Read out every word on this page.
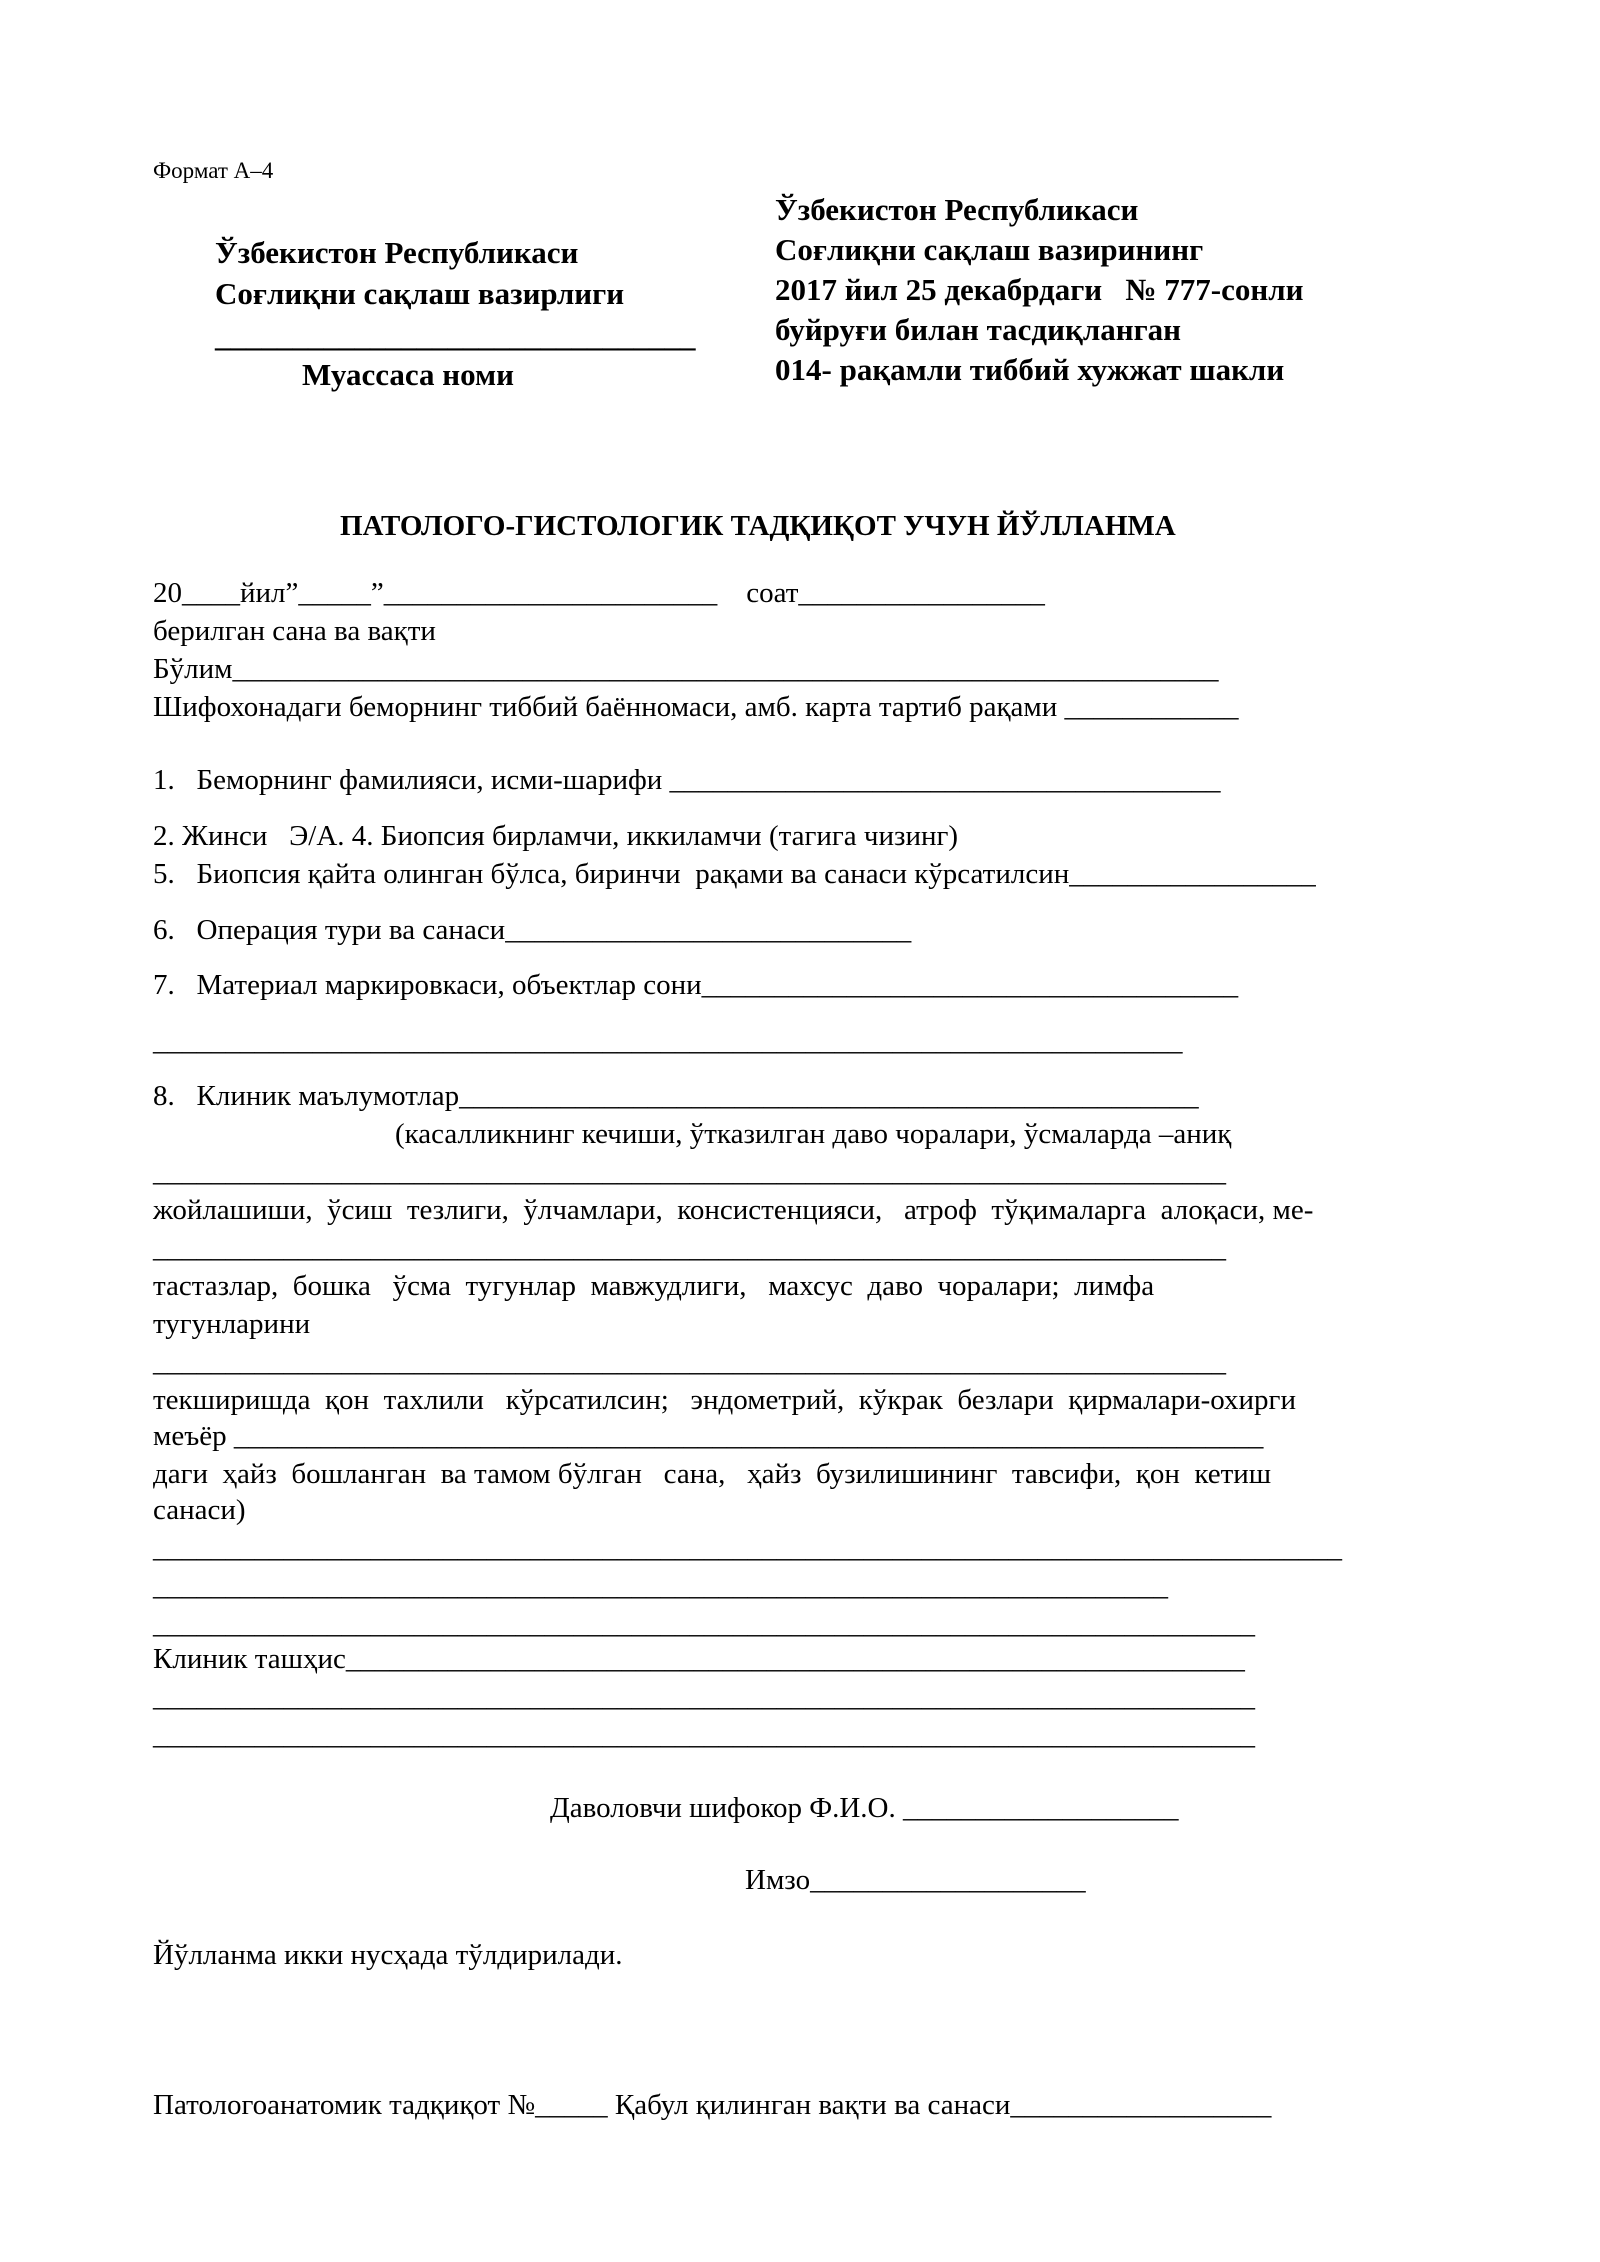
Формат А–4
Ўзбекистон Республикаси
Соғлиқни сақлаш вазирлиги
_______________________________
Муассаса номи
Ўзбекистон Республикаси
Соғлиқни сақлаш вазирининг
2017 йил 25 декабрдаги   № 777-сонли
буйруғи билан тасдиқланган
014- рақамли тиббий хужжат шакли
ПАТОЛОГО-ГИСТОЛОГИК ТАДҚИҚОТ УЧУН ЙЎЛЛАНМА
20____йил”_____”_______________________    соат_________________
берилган сана ва вақти
Бўлим____________________________________________________________________
Шифохонадаги беморнинг тиббий баённомаси, амб. карта тартиб рақами ____________
1.   Беморнинг фамилияси, исми-шарифи ______________________________________
2. Жинси   Э/А. 4. Биопсия бирламчи, иккиламчи (тагига чизинг)
5.   Биопсия қайта олинган бўлса, биринчи  рақами ва санаси кўрсатилсин_________________
6.   Операция тури ва санаси____________________________
7.   Материал маркировкаси, объектлар сони_____________________________________
_______________________________________________________________________
8.   Клиник маълумотлар___________________________________________________
(касалликнинг кечиши, ўтказилган даво чоралари, ўсмаларда –аниқ
__________________________________________________________________________
жойлашиши,  ўсиш  тезлиги,  ўлчамлари,  консистенцияси,   атроф  тўқималарга  алоқаси, ме-
__________________________________________________________________________
тастазлар,  бошка   ўсма  тугунлар  мавжудлиги,   махсус  даво  чоралари;  лимфа
тугунларини
__________________________________________________________________________
текширишда  қон  тахлили   кўрсатилсин;   эндометрий,  кўкрак  безлари  қирмалари-охирги
меъёр _______________________________________________________________________
даги  ҳайз  бошланган  ва тамом бўлган   сана,   ҳайз  бузилишининг  тавсифи,  қон  кетиш
санаси)
__________________________________________________________________________________
______________________________________________________________________
____________________________________________________________________________
Клиник ташҳис______________________________________________________________
____________________________________________________________________________
____________________________________________________________________________
Даволовчи шифокор Ф.И.О. ___________________
Имзо___________________
Йўлланма икки нусҳада тўлдирилади.
Патологоанатомик тадқиқот №_____ Қабул қилинган вақти ва санаси__________________
